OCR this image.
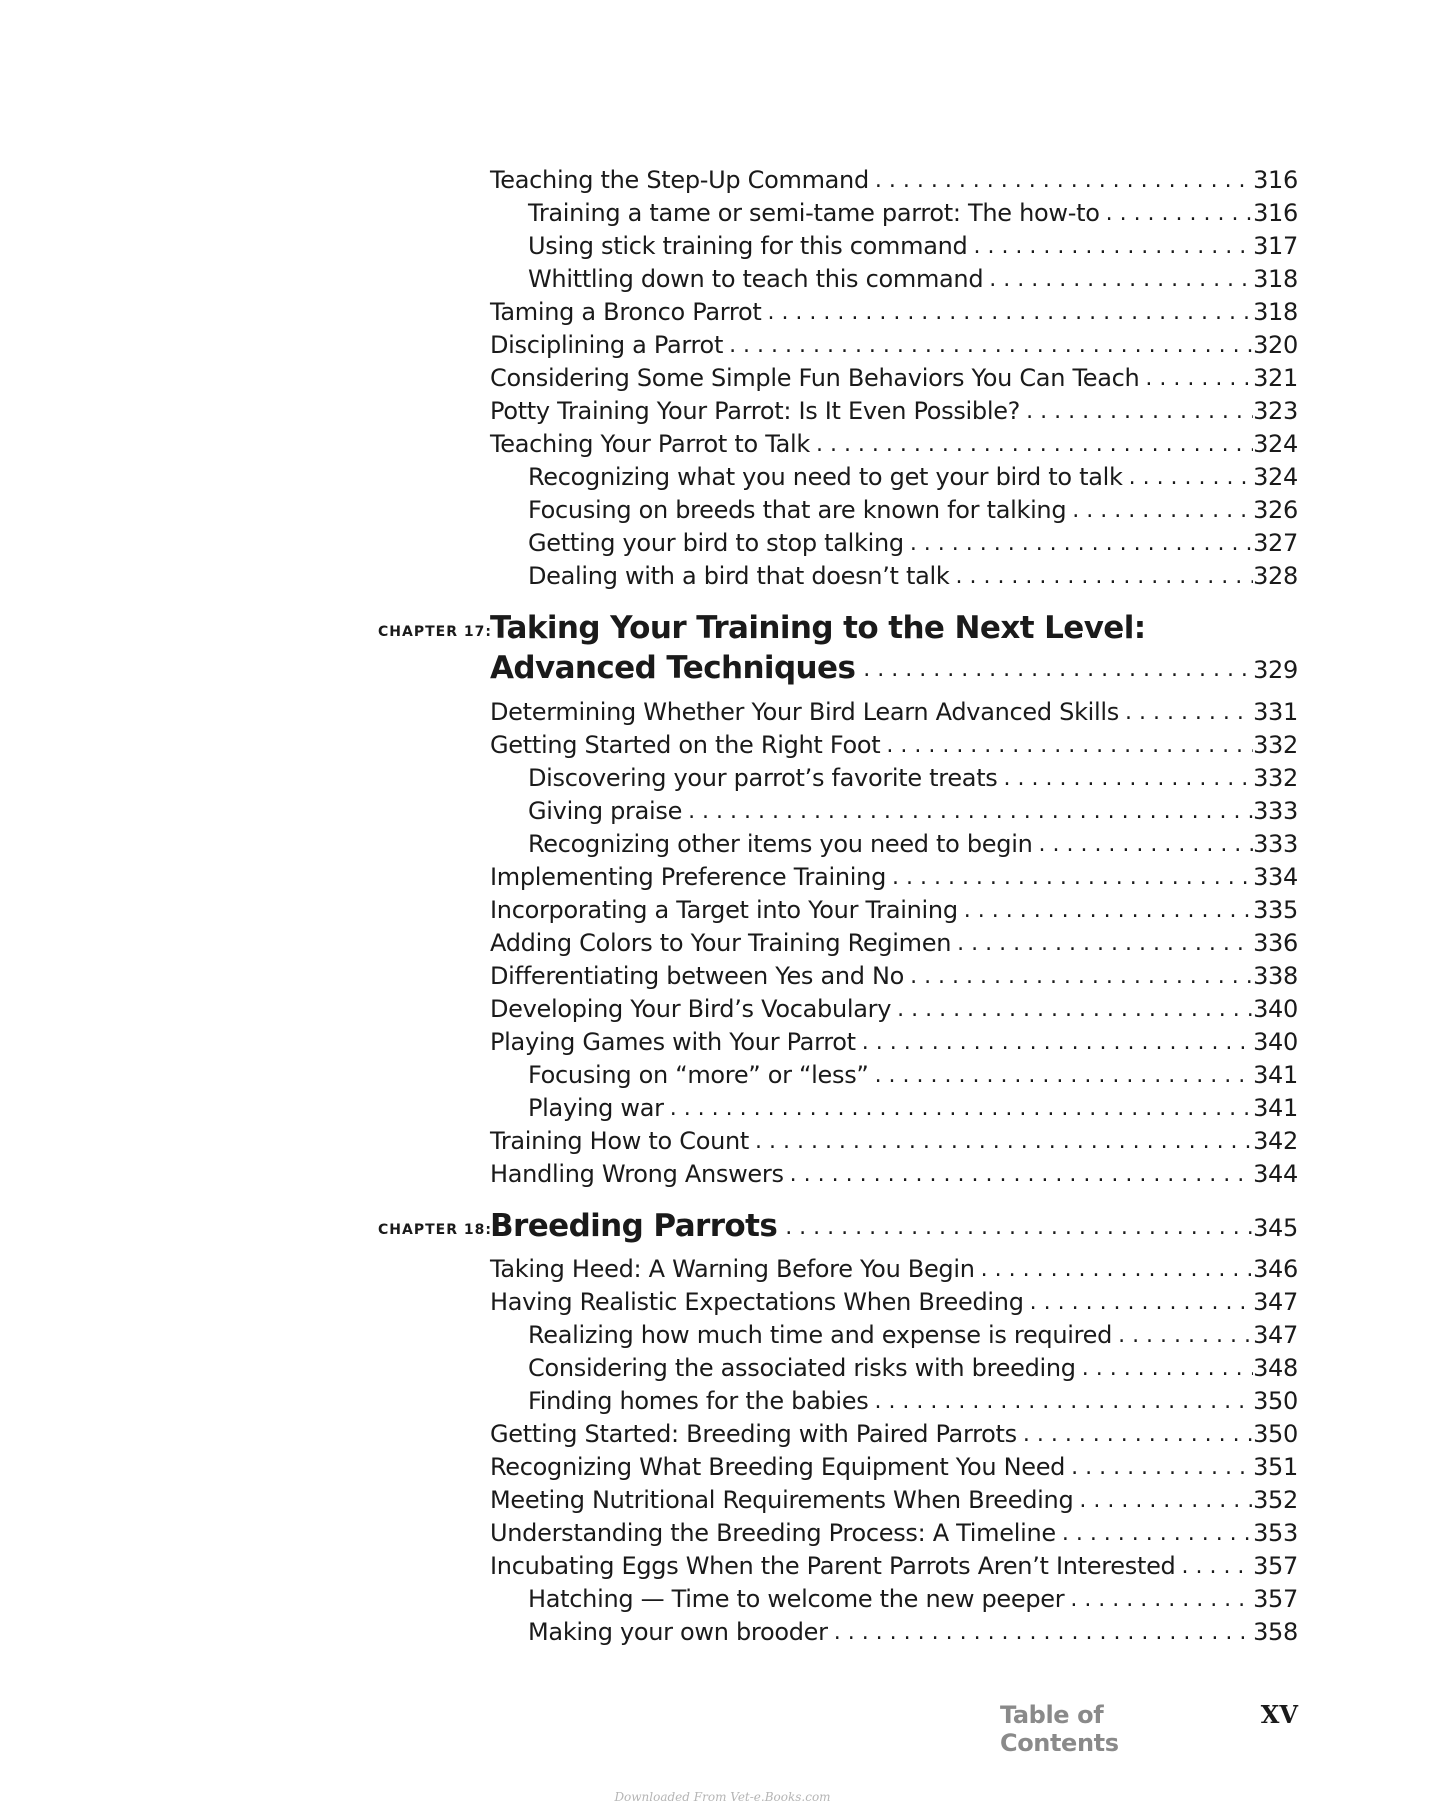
Teaching the Step-Up Command . . .	316
Training a tame or semi-tame parrot: The how-to . . .	316
Using stick training for this command . . .	317
Whittling down to teach this command . . .	318
Taming a Bronco Parrot . . .	318
Disciplining a Parrot . . .	320
Considering Some Simple Fun Behaviors You Can Teach . . .	321
Potty Training Your Parrot: Is It Even Possible? . . .	323
Teaching Your Parrot to Talk . . .	324
Recognizing what you need to get your bird to talk . . .	324
Focusing on breeds that are known for talking . . .	326
Getting your bird to stop talking . . .	327
Dealing with a bird that doesn’t talk . . .	328
CHAPTER 17:
Taking Your Training to the Next Level:
Advanced Techniques . . .	329
Determining Whether Your Bird Learn Advanced Skills . . .	331
Getting Started on the Right Foot . . .	332
Discovering your parrot’s favorite treats . . .	332
Giving praise . . .	333
Recognizing other items you need to begin . . .	333
Implementing Preference Training . . .	334
Incorporating a Target into Your Training . . .	335
Adding Colors to Your Training Regimen . . .	336
Differentiating between Yes and No . . .	338
Developing Your Bird’s Vocabulary . . .	340
Playing Games with Your Parrot . . .	340
Focusing on “more” or “less” . . .	341
Playing war . . .	341
Training How to Count . . .	342
Handling Wrong Answers . . .	344
CHAPTER 18:
Breeding Parrots . . .	345
Taking Heed: A Warning Before You Begin . . .	346
Having Realistic Expectations When Breeding . . .	347
Realizing how much time and expense is required . . .	347
Considering the associated risks with breeding . . .	348
Finding homes for the babies . . .	350
Getting Started: Breeding with Paired Parrots . . .	350
Recognizing What Breeding Equipment You Need . . .	351
Meeting Nutritional Requirements When Breeding . . .	352
Understanding the Breeding Process: A Timeline . . .	353
Incubating Eggs When the Parent Parrots Aren’t Interested . . .	357
Hatching — Time to welcome the new peeper . . .	357
Making your own brooder . . .	358
Table of Contents
XV
Downloaded From Vet-e.Books.com
